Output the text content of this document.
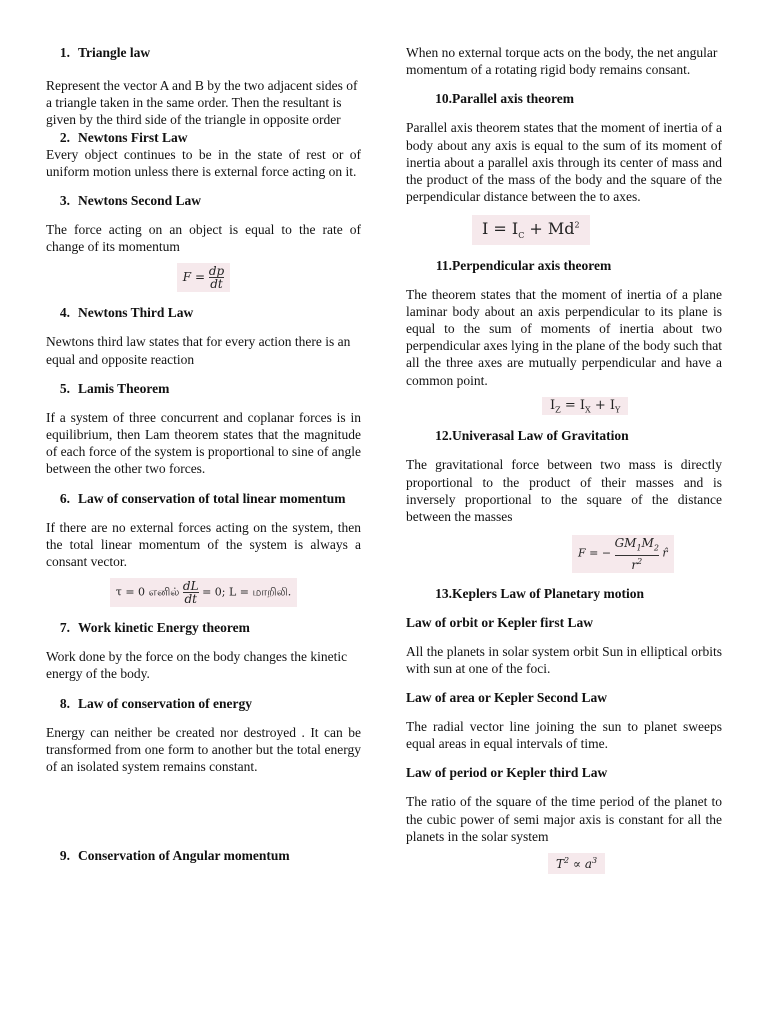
1. Triangle law

Represent the vector A and B by the two adjacent sides of a triangle taken in the same order. Then the resultant is given by the third side of the triangle in opposite order

2. Newtons First Law

Every object continues to be in the state of rest or of uniform motion unless there is external force acting on it.

3. Newtons Second Law

The force acting on an object is equal to the rate of change of its momentum

$F = \frac{dp}{dt}$
4. Newtons Third Law

Newtons third law states that for every action there is an equal and opposite reaction

5. Lamis Theorem

If a system of three concurrent and coplanar forces is in equilibrium, then Lam theorem states that the magnitude of each force of the system is proportional to sine of angle between the other two forces.

6. Law of conservation of total linear momentum

If there are no external forces acting on the system, then the total linear momentum of the system is always a consant vector.

τ = 0 எனில் $\frac{dL}{dt} = 0$; L = மாறிலி.
7. Work kinetic Energy theorem

Work done by the force on the body changes the kinetic energy of the body.

8. Law of conservation of energy

Energy can neither be created nor destroyed . It can be transformed from one form to another but the total energy of an isolated system remains constant.

9. Conservation of Angular momentum

When no external torque acts on the body, the net angular momentum of a rotating rigid body remains consant.

10. Parallel axis theorem

Parallel axis theorem states that the moment of inertia of a body about any axis is equal to the sum of its moment of inertia about a parallel axis through its center of mass and the product of the mass of the body and the square of the perpendicular distance between the to axes.

$I = I_C + Md^2$
11. Perpendicular axis theorem

The theorem states that the moment of inertia of a plane laminar body about an axis perpendicular to its plane is equal to the sum of moments of inertia about two perpendicular axes lying in the plane of the body such that all the three axes are mutually perpendicular and have a common point.

$I_Z = I_X + I_Y$
12. Univerasal Law of Gravitation

The gravitational force between two mass is directly proportional to the product of their masses and is inversely proportional to the square of the distance between the masses

F = − $\frac{GM_1M_2}{r^2}$ r̂
13. Keplers Law of Planetary motion
Law of orbit or Kepler first Law

All the planets in solar system orbit Sun in elliptical orbits with sun at one of the foci.

Law of area or Kepler Second Law

The radial vector line joining the sun to planet sweeps equal areas in equal intervals of time.

Law of period or Kepler third Law

The ratio of the square of the time period of the planet to the cubic power of semi major axis is constant for all the planets in the solar system

$T^2 \propto a^3$
